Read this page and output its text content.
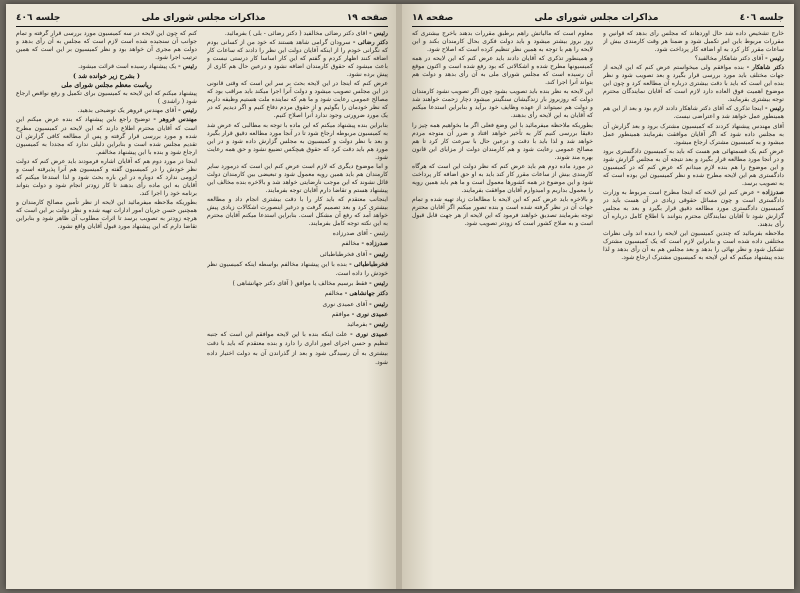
صفحه ١٩
مذاکرات مجلس شورای ملی
جلسه ٤٠٦

رئیس - آقای دکتر رضائی مخالفید ( دکتر رضائی - بلی ) بفرمائید.

دکتر رضائی - سرودان گرامی شاهد هستند که خود من از کسانی بودم که نگرانی خودم را از اینکه آقایان دولت این نظر را دادند که ساعات کار اضافه کنند اظهار کردم و گفتم که این کار اساسا کار درستی نیست و باعث میشود که حقوق کارمندان اضافه نشود و درعین حال هم کاری از پیش برده نشود.

عرض کنم که اینجا در این لایحه بحث بر سر این است که وقتی قانونی در این مجلس تصویب میشود و دولت آنرا اجرا میکند باید مراقب بود که مصالح عمومی رعایت شود و ما هم که نماینده ملت هستیم وظیفه داریم که نظر خودمان را بگوئیم و از حقوق مردم دفاع کنیم و اگر دیدیم که در یک مورد ضرورتی وجود ندارد آنرا اصلاح کنیم.

بنابراین بنده پیشنهاد میکنم که این ماده با توجه به مطالبی که عرض شد به کمیسیون مربوطه ارجاع شود تا در آنجا مورد مطالعه دقیق قرار بگیرد و بعد با نظر دولت و کمیسیون به مجلس گزارش داده شود و در این مورد هم باید دقت کرد که حقوق هیچکس تضییع نشود و حق همه رعایت شود.

و اما موضوع دیگری که لازم است عرض کنم این است که درمورد سایر کارمندان هم باید همین رویه معمول شود و تبعیضی بین کارمندان دولت قائل نشوند که این موجب نارضایتی خواهد شد و بالاخره بنده مخالف این پیشنهاد هستم و تقاضا دارم آقایان توجه بفرمایند.

اینجانب معتقدم که باید کار را با دقت بیشتری انجام داد و مطالعه بیشتری کرد و بعد تصمیم گرفت و درغیر اینصورت اشکالات زیادی پیش خواهد آمد که رفع آن مشکل است. بنابراین استدعا میکنم آقایان محترم به این نکته توجه کامل بفرمایند.

رئیس - آقای صدرزاده

صدرزاده - مخالفم

رئیس - آقای فخرطباطبائی

فخرطباطبائی - بنده با این پیشنهاد مخالفم بواسطه اینکه کمیسیون نظر خودش را داده است.

رئیس - فقط برسیم مخالف یا موافق ( آقای دکتر جهانشاهی )

دکتر جهانشاهی - مخالفم

رئیس - آقای عمیدی نوری

عمیدی نوری - موافقم

رئیس - بفرمائید

عمیدی نوری - علت اینکه بنده با این لایحه موافقم این است که جنبه تنظیم و حسن اجرای امور اداری را دارد و بنده معتقدم که باید با دقت بیشتری به آن رسیدگی شود و بعد از گذراندن آن به دولت اختیار داده شود.

کنم که چون این لایحه در سه کمیسیون مورد بررسی قرار گرفته و تمام جوانب آن سنجیده شده است لازم است که مجلس به آن رأی بدهد و دولت هم مجری آن خواهد بود و نظر کمیسیون بر این است که همین ترتیب اجرا شود.

رئیس - یک پیشنهاد رسیده است قرائت میشود.

( بشرح زیر خوانده شد )

ریاست معظم مجلس شورای ملی

پیشنهاد میکنم که این لایحه به کمیسیون برای تکمیل و رفع نواقص ارجاع شود ( راشدی )

رئیس - آقای مهندس فروهر یک توضیحی بدهید.

مهندس فروهر - توضیح راجع باین پیشنهاد که بنده عرض میکنم این است که آقایان محترم اطلاع دارند که این لایحه در کمیسیون مطرح شده و مورد بررسی قرار گرفته و پس از مطالعه کافی گزارش آن تقدیم مجلس شده است و بنابراین دلیلی ندارد که مجددا به کمیسیون ارجاع شود و بنده با این پیشنهاد مخالفم.

اینجا در مورد دوم هم که آقایان اشاره فرمودند باید عرض کنم که دولت نظر خودش را در کمیسیون گفته و کمیسیون هم آنرا پذیرفته است و لزومی ندارد که دوباره در این باره بحث شود و لذا استدعا میکنم که آقایان به این ماده رأی بدهند تا کار زودتر انجام شود و دولت بتواند برنامه خود را اجرا کند.

بطوریکه ملاحظه میفرمائید این لایحه از نظر تأمین مصالح کارمندان و همچنین حسن جریان امور ادارات تهیه شده و نظر دولت بر این است که هرچه زودتر به تصویب برسد تا اثرات مطلوب آن ظاهر شود و بنابراین تقاضا دارم که این پیشنهاد مورد قبول آقایان واقع نشود.

جلسه ٤٠٦
مذاکرات مجلس شورای ملی
صفحه ١٨

خارج تشخیص داده شد حال آوردهاند که مجلس رأی بدهد که قوانین و مقررات مربوط باین امر تکمیل شود و ضمنا هر وقت کارمندی بیش از ساعات مقرر کار کرد به او اضافه کار پرداخت شود.

رئیس - آقای دکتر شاهکار مخالفید؟

دکتر شاهکار - بنده موافقم ولی میخواستم عرض کنم که این لایحه از جهات مختلف باید مورد بررسی قرار بگیرد و بعد تصویب شود و نظر بنده این است که باید با دقت بیشتری درباره آن مطالعه کرد و چون این موضوع اهمیت فوق العاده دارد لازم است که آقایان نمایندگان محترم توجه بیشتری بفرمایند.

رئیس - اینجا تذکری که آقای دکتر شاهکار دادند لازم بود و بعد از این هم همینطور عمل خواهد شد و اعتراضی نیست.

آقای مهندس پیشنهاد کردند که کمیسیون مشترک برود و بعد گزارش آن به مجلس داده شود که اگر آقایان موافقت بفرمایند همینطور عمل میشود و به کمیسیون مشترک ارجاع میشود.

عرض کنم یک قسمتهائی هم هست که باید به کمیسیون دادگستری برود و در آنجا مورد مطالعه قرار بگیرد و بعد نتیجه آن به مجلس گزارش شود و این موضوع را هم بنده لازم میدانم که عرض کنم که در کمیسیون دادگستری هم این لایحه مطرح شده و نظر کمیسیون این بوده است که به تصویب برسد.

صدرزاده - عرض کنم این لایحه که اینجا مطرح است مربوط به وزارت دادگستری است و چون مسائل حقوقی زیادی در آن هست باید در کمیسیون دادگستری مورد مطالعه دقیق قرار بگیرد و بعد به مجلس گزارش شود تا آقایان نمایندگان محترم بتوانند با اطلاع کامل درباره آن رأی بدهند.

ملاحظه بفرمائید که چندین کمیسیون این لایحه را دیده اند ولی نظرات مختلفی داده شده است و بنابراین لازم است که یک کمیسیون مشترک تشکیل شود و نظر نهائی را بدهد و بعد مجلس هم به آن رأی بدهد و لذا بنده پیشنهاد میکنم که این لایحه به کمیسیون مشترک ارجاع شود.

معلوم است که مالیاتش راهم برطبق مقررات بدهند باخرج بیشتری که روز بروز بیشتر میشود و باید دولت فکری بحال کارمندان بکند و این لایحه را هم با توجه به همین نظر تنظیم کرده است که اصلاح شود.

و همینطور تذکری که آقایان دادند باید عرض کنم که این لایحه در همه کمیسیونها مطرح شده و اشکالاتی که بود رفع شده است و اکنون موقع آن رسیده است که مجلس شورای ملی به آن رأی بدهد و دولت هم بتواند آنرا اجرا کند.

این لایحه به نظر بنده باید تصویب بشود چون اگر تصویب نشود کارمندان دولت که روزبروز بار زندگیشان سنگینتر میشود دچار زحمت خواهند شد و دولت هم نمیتواند از عهده وظایف خود برآید و بنابراین استدعا میکنم که آقایان به این لایحه رأی بدهند.

بطوریکه ملاحظه میفرمائید با این وضع فعلی اگر ما بخواهیم همه چیز را دقیقا بررسی کنیم کار به تأخیر خواهد افتاد و ضرر آن متوجه مردم خواهد شد و لذا باید با دقت و درعین حال با سرعت کار کرد تا هم مصالح عمومی رعایت شود و هم کارمندان دولت از مزایای این قانون بهره مند شوند.

در مورد ماده دوم هم باید عرض کنم که نظر دولت این است که هرگاه کارمندی بیش از ساعات مقرر کار کند باید به او حق اضافه کار پرداخت شود و این موضوع در همه کشورها معمول است و ما هم باید همین رویه را معمول بداریم و امیدوارم آقایان موافقت بفرمایند.

و بالاخره باید عرض کنم که این لایحه با مطالعات زیاد تهیه شده و تمام جهات آن در نظر گرفته شده است و بنده تصور میکنم اگر آقایان محترم توجه بفرمایند تصدیق خواهند فرمود که این لایحه از هر جهت قابل قبول است و به صلاح کشور است که زودتر تصویب شود.
